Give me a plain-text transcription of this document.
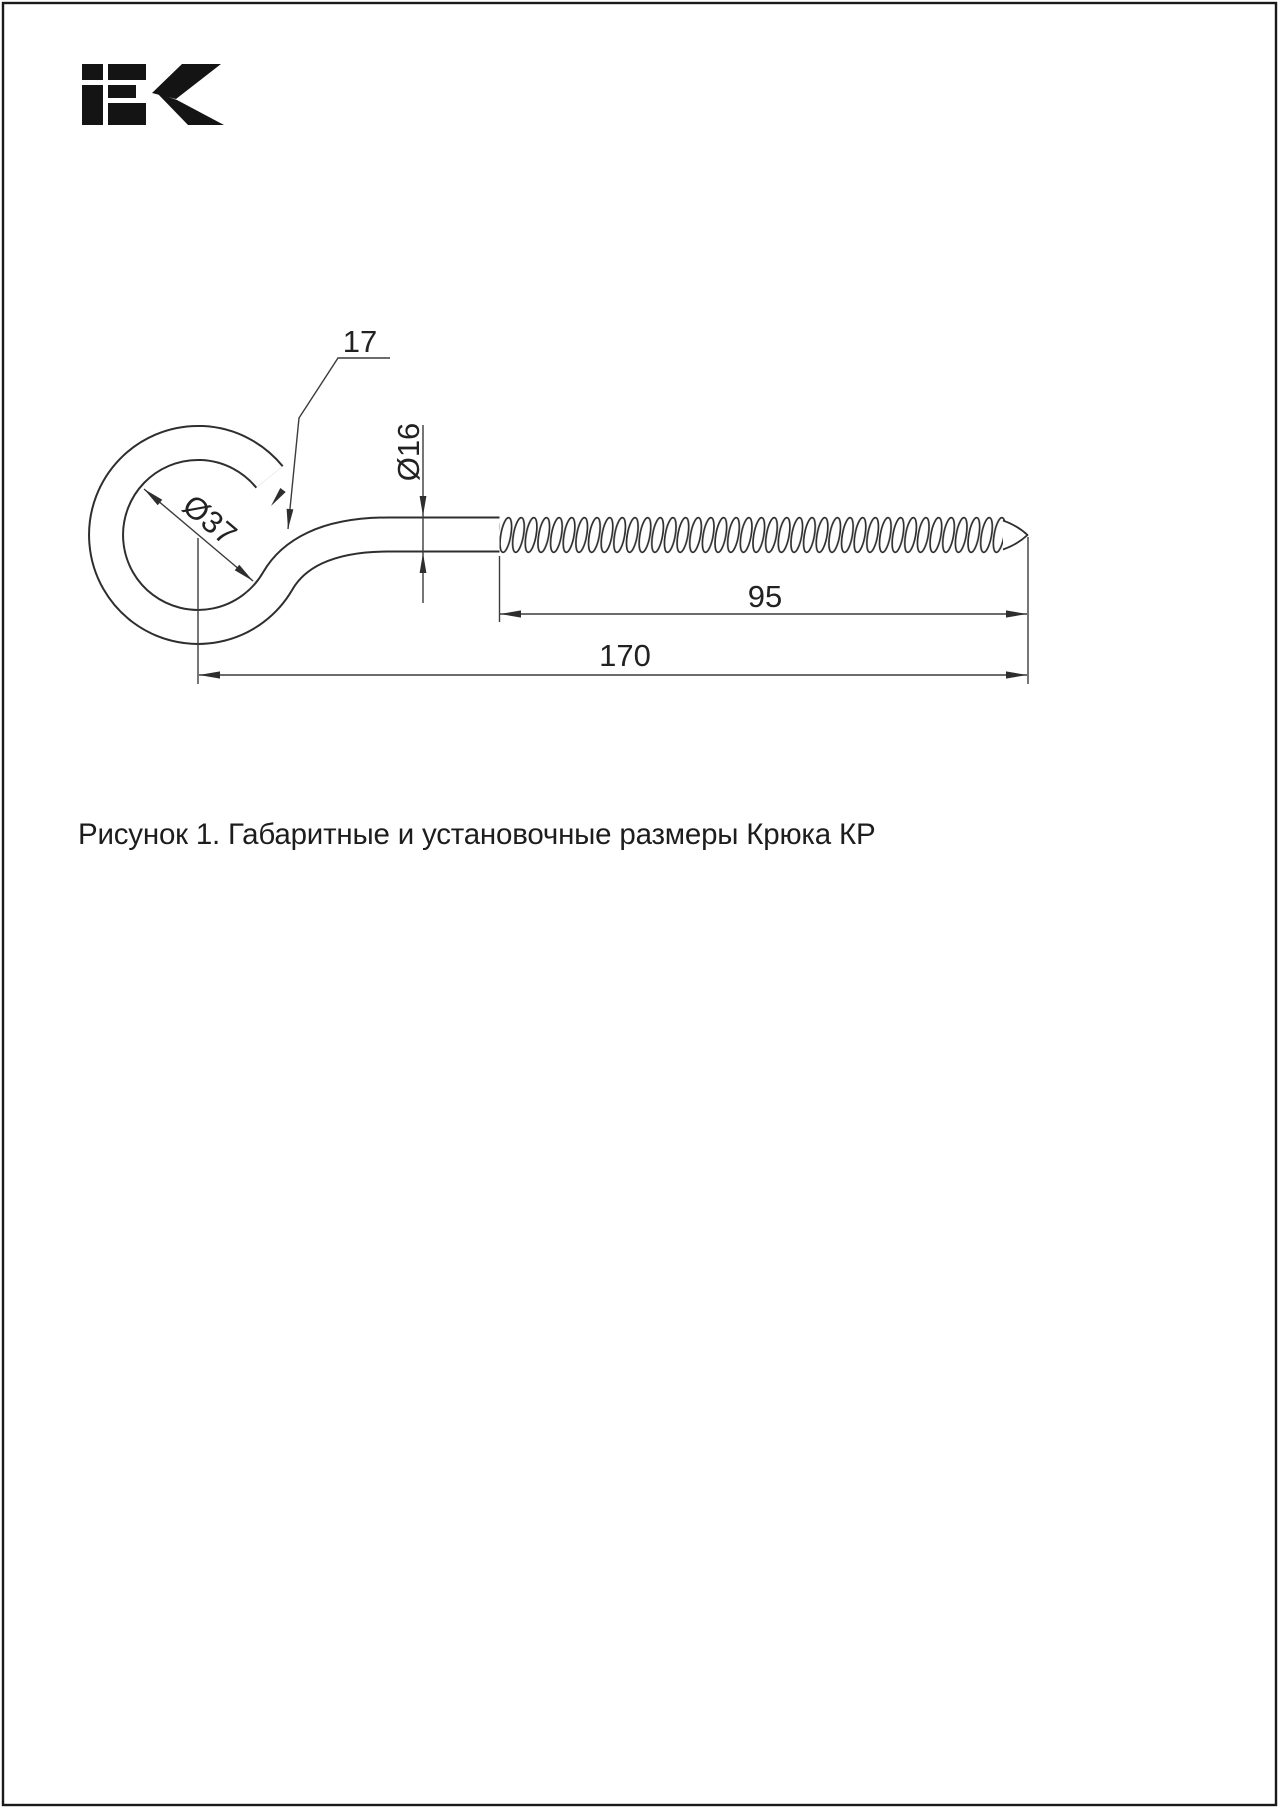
17
Ø16
Ø37
95
170
Рисунок 1. Габаритные и установочные размеры Крюка КР
